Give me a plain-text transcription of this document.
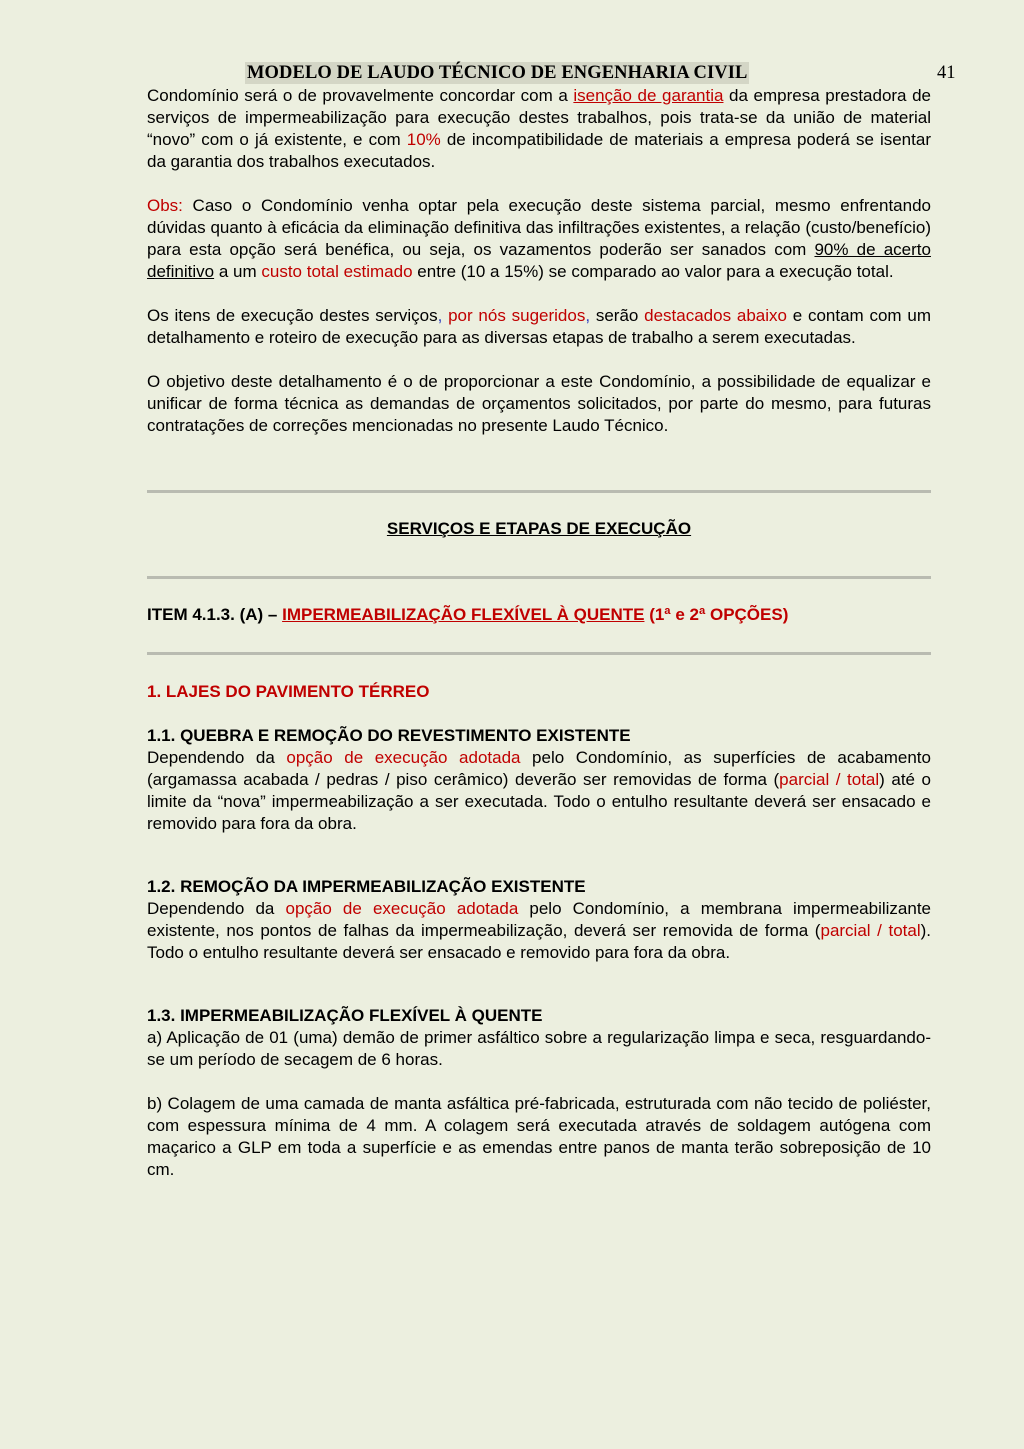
MODELO DE LAUDO TÉCNICO DE ENGENHARIA CIVIL	41

Condomínio será o de provavelmente concordar com a isenção de garantia da empresa prestadora de serviços de impermeabilização para execução destes trabalhos, pois trata-se da união de material “novo” com o já existente, e com 10% de incompatibilidade de materiais a empresa poderá se isentar da garantia dos trabalhos executados.

Obs: Caso o Condomínio venha optar pela execução deste sistema parcial, mesmo enfrentando dúvidas quanto à eficácia da eliminação definitiva das infiltrações existentes, a relação (custo/benefício) para esta opção será benéfica, ou seja, os vazamentos poderão ser sanados com 90% de acerto definitivo a um custo total estimado entre (10 a 15%) se comparado ao valor para a execução total.

Os itens de execução destes serviços, por nós sugeridos, serão destacados abaixo e contam com um detalhamento e roteiro de execução para as diversas etapas de trabalho a serem executadas.

O objetivo deste detalhamento é o de proporcionar a este Condomínio, a possibilidade de equalizar e unificar de forma técnica as demandas de orçamentos solicitados, por parte do mesmo, para futuras contratações de correções mencionadas no presente Laudo Técnico.

SERVIÇOS E ETAPAS DE EXECUÇÃO

ITEM 4.1.3. (A) – IMPERMEABILIZAÇÃO FLEXÍVEL À QUENTE (1ª e 2ª OPÇÕES)

1. LAJES DO PAVIMENTO TÉRREO

1.1. QUEBRA E REMOÇÃO DO REVESTIMENTO EXISTENTE

Dependendo da opção de execução adotada pelo Condomínio, as superfícies de acabamento (argamassa acabada / pedras / piso cerâmico) deverão ser removidas de forma (parcial / total) até o limite da “nova” impermeabilização a ser executada. Todo o entulho resultante deverá ser ensacado e removido para fora da obra.

1.2. REMOÇÃO DA IMPERMEABILIZAÇÃO EXISTENTE

Dependendo da opção de execução adotada pelo Condomínio, a membrana impermeabilizante existente, nos pontos de falhas da impermeabilização, deverá ser removida de forma (parcial / total). Todo o entulho resultante deverá ser ensacado e removido para fora da obra.

1.3. IMPERMEABILIZAÇÃO FLEXÍVEL À QUENTE

a) Aplicação de 01 (uma) demão de primer asfáltico sobre a regularização limpa e seca, resguardando-se um período de secagem de 6 horas.

b) Colagem de uma camada de manta asfáltica pré-fabricada, estruturada com não tecido de poliéster, com espessura mínima de 4 mm. A colagem será executada através de soldagem autógena com maçarico a GLP em toda a superfície e as emendas entre panos de manta terão sobreposição de 10 cm.
